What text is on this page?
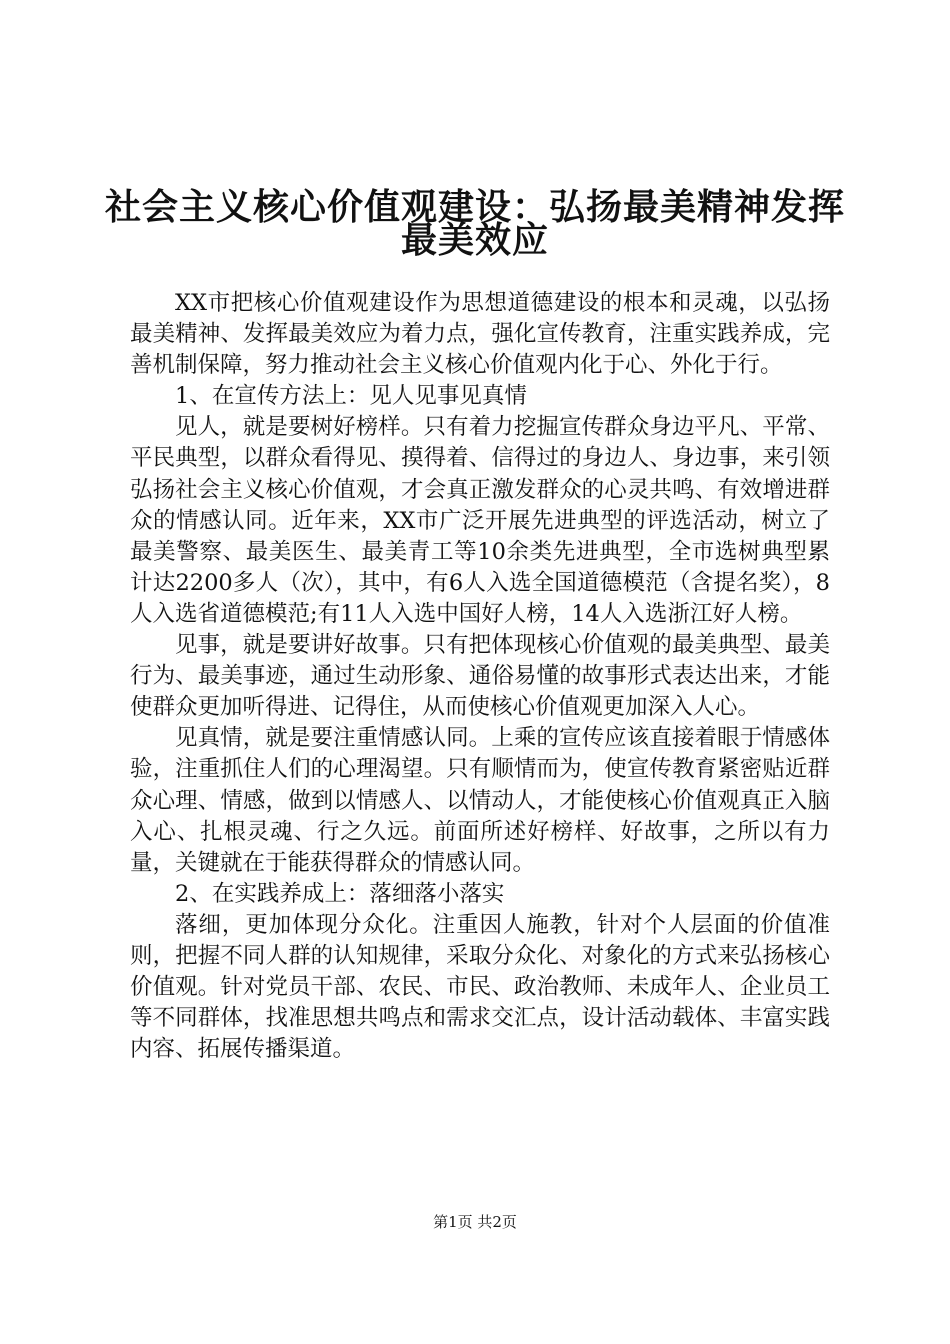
社会主义核心价值观建设：弘扬最美精神发挥
最美效应

XX市把核心价值观建设作为思想道德建设的根本和灵魂，以弘扬最美精神、发挥最美效应为着力点，强化宣传教育，注重实践养成，完善机制保障，努力推动社会主义核心价值观内化于心、外化于行。

1、在宣传方法上：见人见事见真情

见人，就是要树好榜样。只有着力挖掘宣传群众身边平凡、平常、平民典型，以群众看得见、摸得着、信得过的身边人、身边事，来引领弘扬社会主义核心价值观，才会真正激发群众的心灵共鸣、有效增进群众的情感认同。近年来，XX市广泛开展先进典型的评选活动，树立了最美警察、最美医生、最美青工等10余类先进典型，全市选树典型累计达2200多人（次），其中，有6人入选全国道德模范（含提名奖），8人入选省道德模范;有11人入选中国好人榜，14人入选浙江好人榜。

见事，就是要讲好故事。只有把体现核心价值观的最美典型、最美行为、最美事迹，通过生动形象、通俗易懂的故事形式表达出来，才能使群众更加听得进、记得住，从而使核心价值观更加深入人心。

见真情，就是要注重情感认同。上乘的宣传应该直接着眼于情感体验，注重抓住人们的心理渴望。只有顺情而为，使宣传教育紧密贴近群众心理、情感，做到以情感人、以情动人，才能使核心价值观真正入脑入心、扎根灵魂、行之久远。前面所述好榜样、好故事，之所以有力量，关键就在于能获得群众的情感认同。

2、在实践养成上：落细落小落实

落细，更加体现分众化。注重因人施教，针对个人层面的价值准则，把握不同人群的认知规律，采取分众化、对象化的方式来弘扬核心价值观。针对党员干部、农民、市民、政治教师、未成年人、企业员工等不同群体，找准思想共鸣点和需求交汇点，设计活动载体、丰富实践内容、拓展传播渠道。

第1页 共2页
